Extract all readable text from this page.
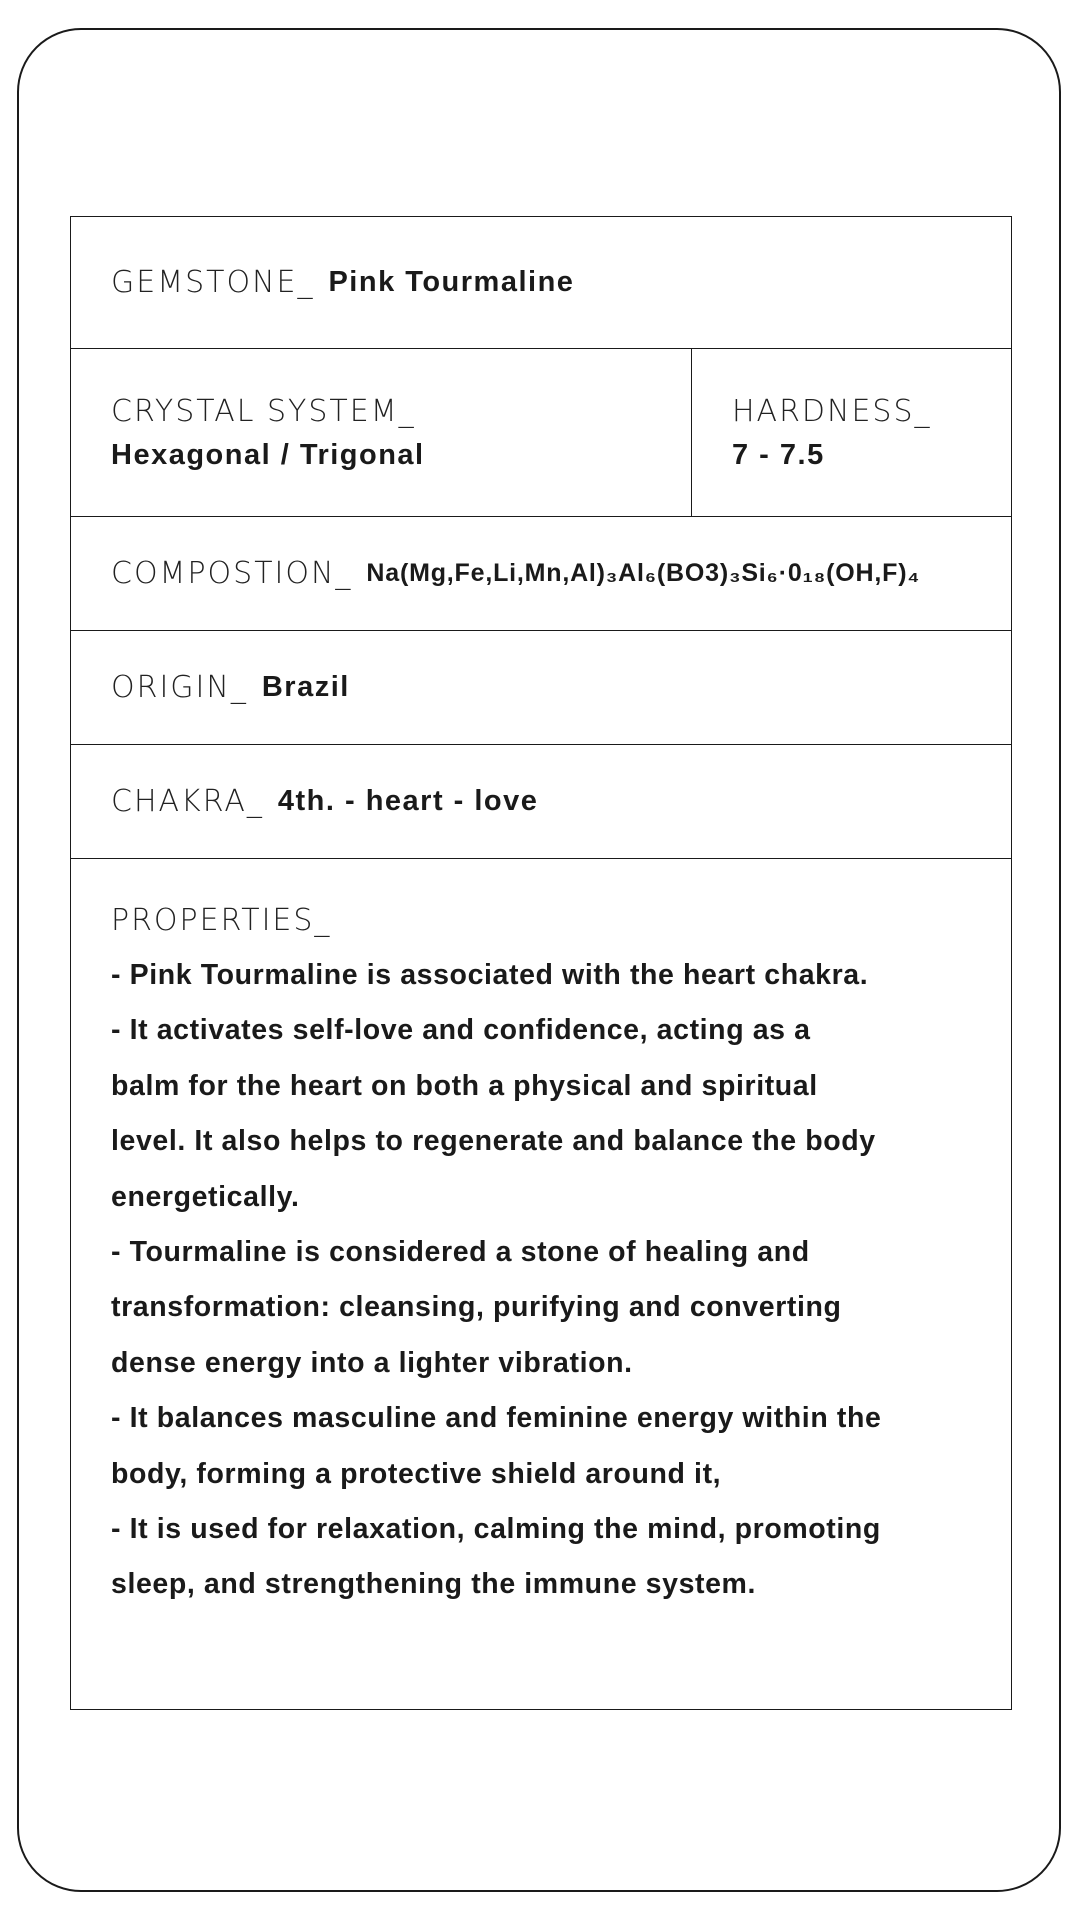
GEMSTONE_ Pink Tourmaline
CRYSTAL SYSTEM_
Hexagonal / Trigonal
HARDNESS_
7 - 7.5
COMPOSTION_ Na(Mg,Fe,Li,Mn,Al)₃Al₆(BO3)₃Si₆·0₁₈(OH,F)₄
ORIGIN_ Brazil
CHAKRA_ 4th. - heart - love
PROPERTIES_
- Pink Tourmaline is associated with the heart chakra.
- It activates self-love and confidence, acting as a
balm for the heart on both a physical and spiritual
level. It also helps to regenerate and balance the body
energetically.
- Tourmaline is considered a stone of healing and
transformation: cleansing, purifying and converting
dense energy into a lighter vibration.
- It balances masculine and feminine energy within the
body, forming a protective shield around it,
- It is used for relaxation, calming the mind, promoting
sleep, and strengthening the immune system.
